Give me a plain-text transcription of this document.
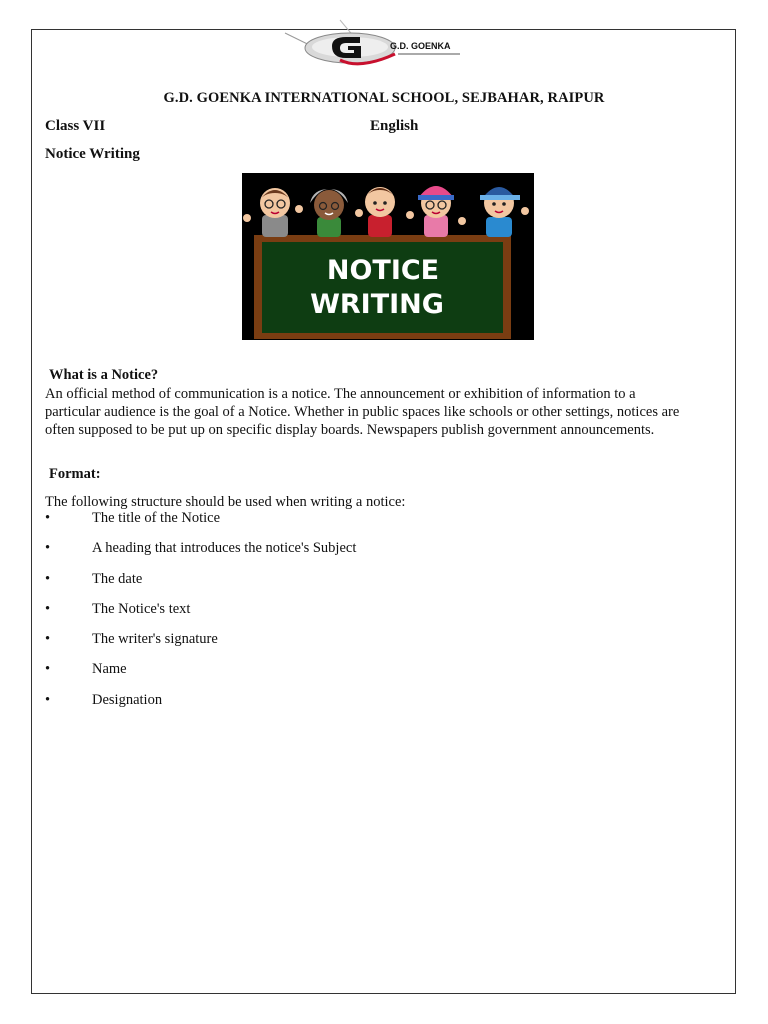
G.D. GOENKA
G.D. GOENKA INTERNATIONAL SCHOOL, SEJBAHAR, RAIPUR
Class VII	English
Notice Writing
NOTICE
WRITING
What is a Notice?
An official method of communication is a notice. The announcement or exhibition of information to a
particular audience is the goal of a Notice. Whether in public spaces like schools or other settings, notices are
often supposed to be put up on specific display boards. Newspapers publish government announcements.
Format:
The following structure should be used when writing a notice:
•	The title of the Notice
•	A heading that introduces the notice's Subject
•	The date
•	The Notice's text
•	The writer's signature
•	Name
•	Designation
